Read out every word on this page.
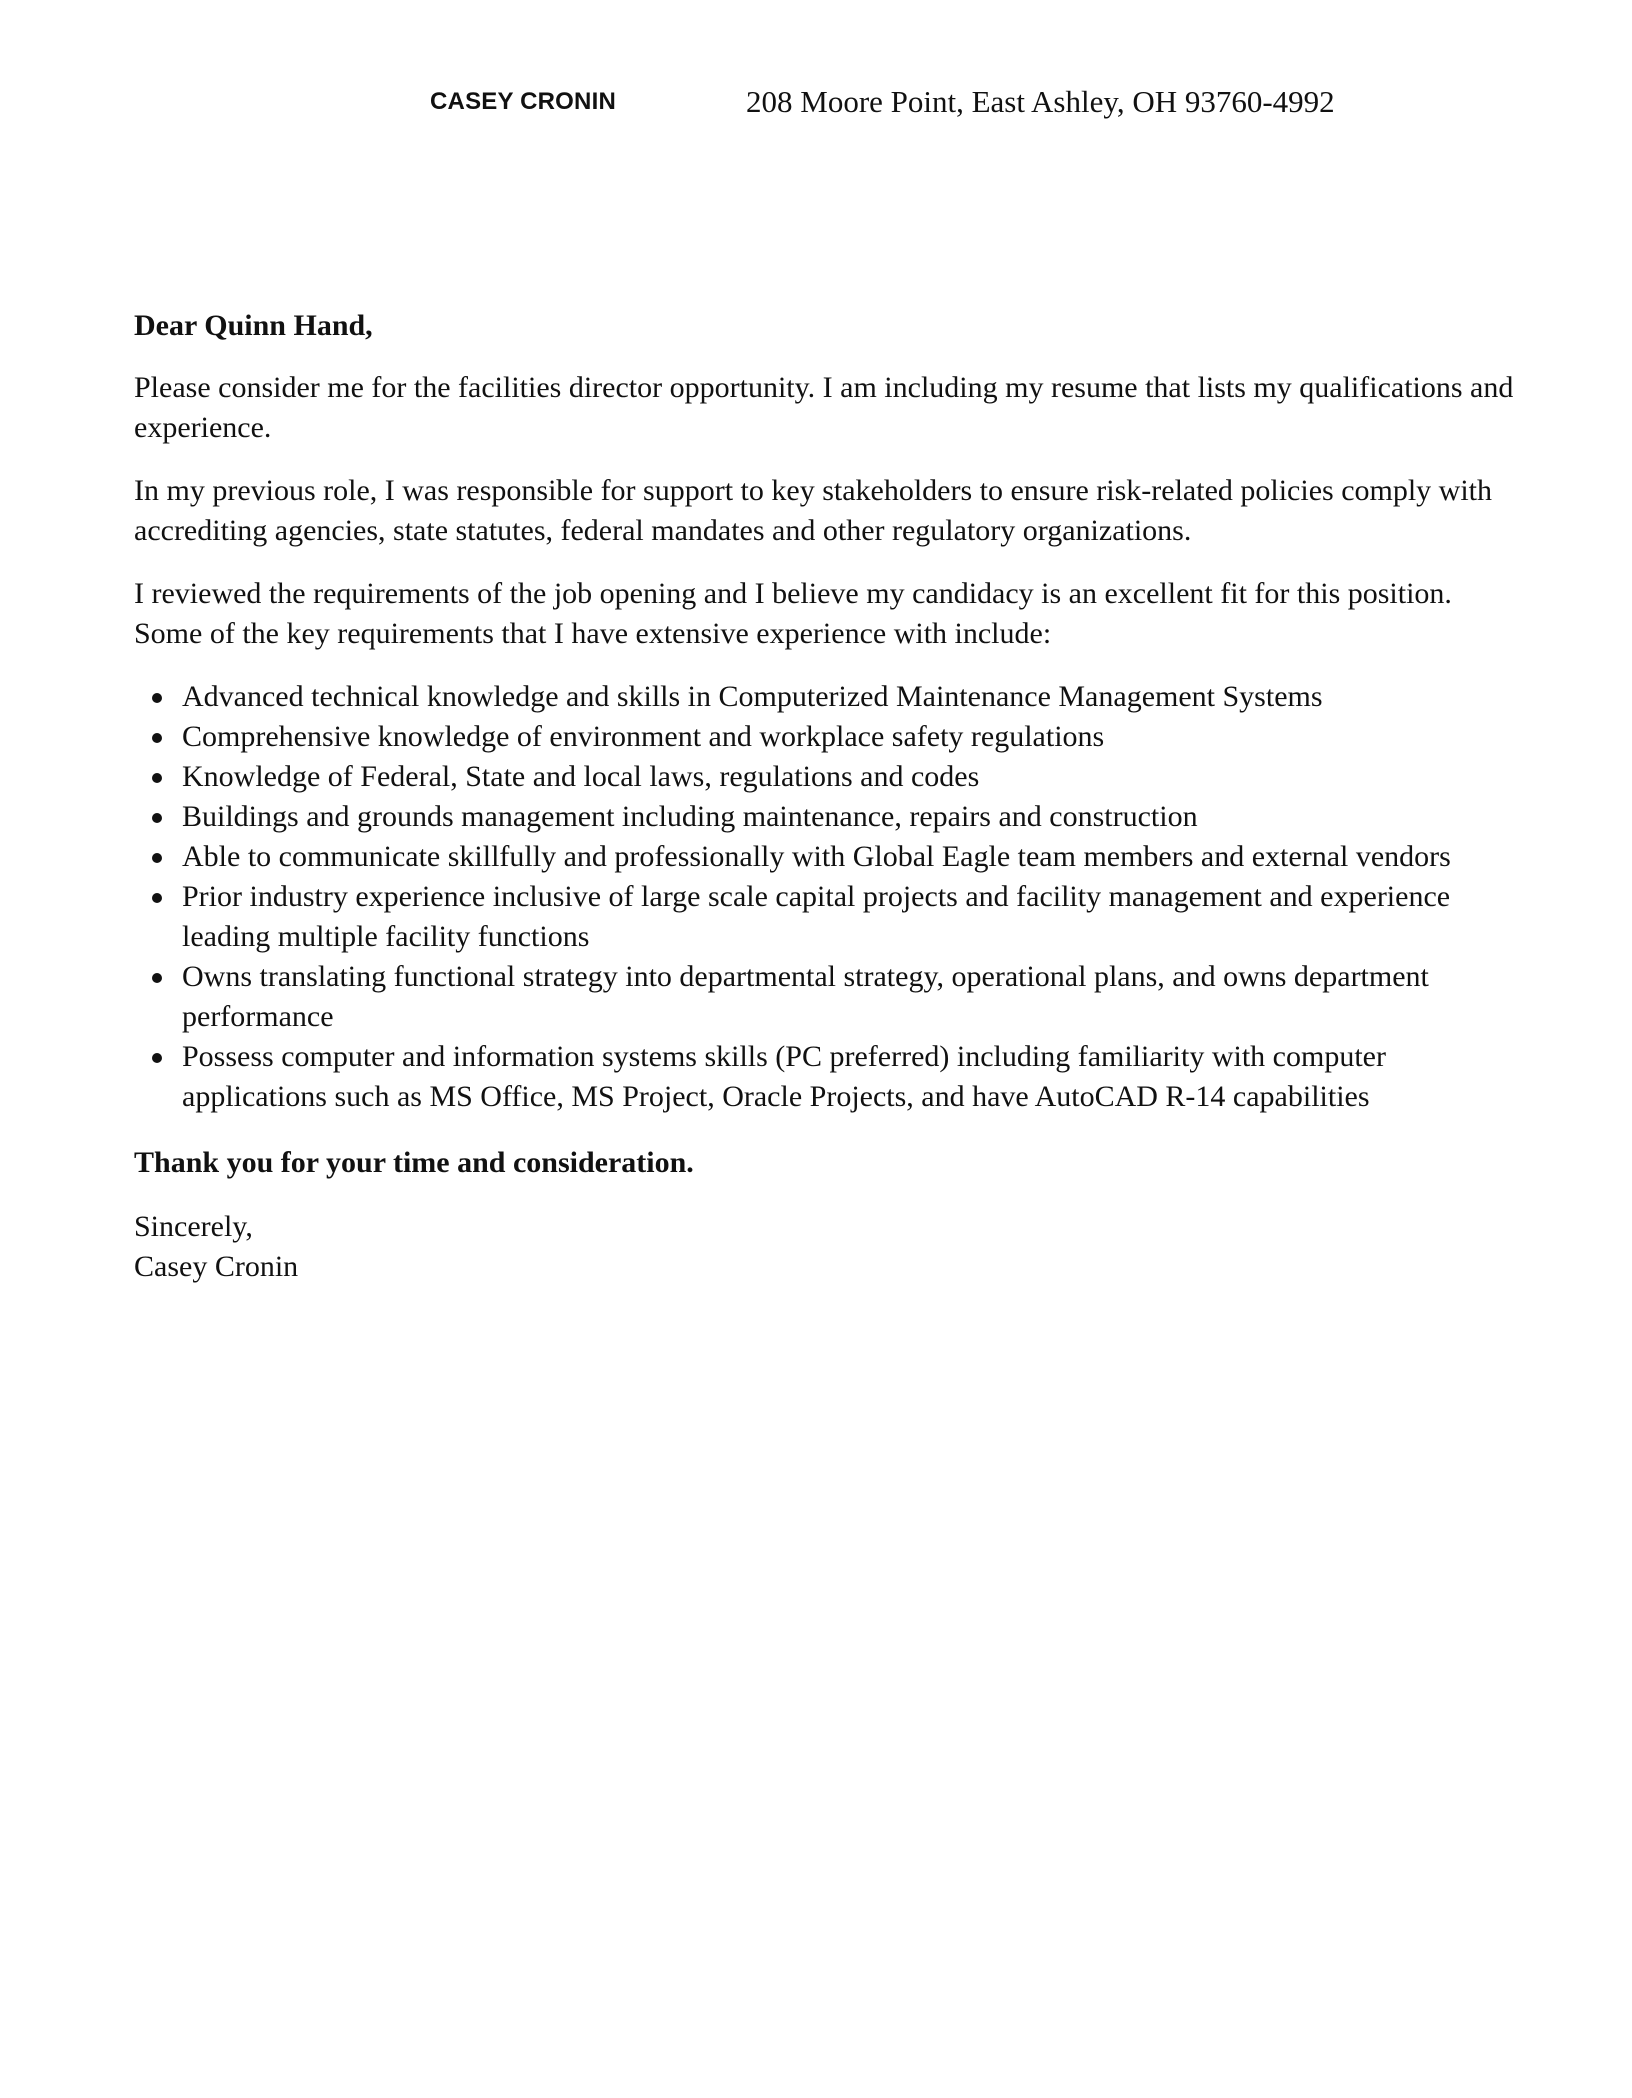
CASEY CRONIN	208 Moore Point, East Ashley, OH 93760-4992

Dear Quinn Hand,

Please consider me for the facilities director opportunity. I am including my resume that lists my qualifications and experience.

In my previous role, I was responsible for support to key stakeholders to ensure risk-related policies comply with accrediting agencies, state statutes, federal mandates and other regulatory organizations.

I reviewed the requirements of the job opening and I believe my candidacy is an excellent fit for this position. Some of the key requirements that I have extensive experience with include:

Advanced technical knowledge and skills in Computerized Maintenance Management Systems
Comprehensive knowledge of environment and workplace safety regulations
Knowledge of Federal, State and local laws, regulations and codes
Buildings and grounds management including maintenance, repairs and construction
Able to communicate skillfully and professionally with Global Eagle team members and external vendors
Prior industry experience inclusive of large scale capital projects and facility management and experience leading multiple facility functions
Owns translating functional strategy into departmental strategy, operational plans, and owns department performance
Possess computer and information systems skills (PC preferred) including familiarity with computer applications such as MS Office, MS Project, Oracle Projects, and have AutoCAD R-14 capabilities

Thank you for your time and consideration.

Sincerely,

Casey Cronin
